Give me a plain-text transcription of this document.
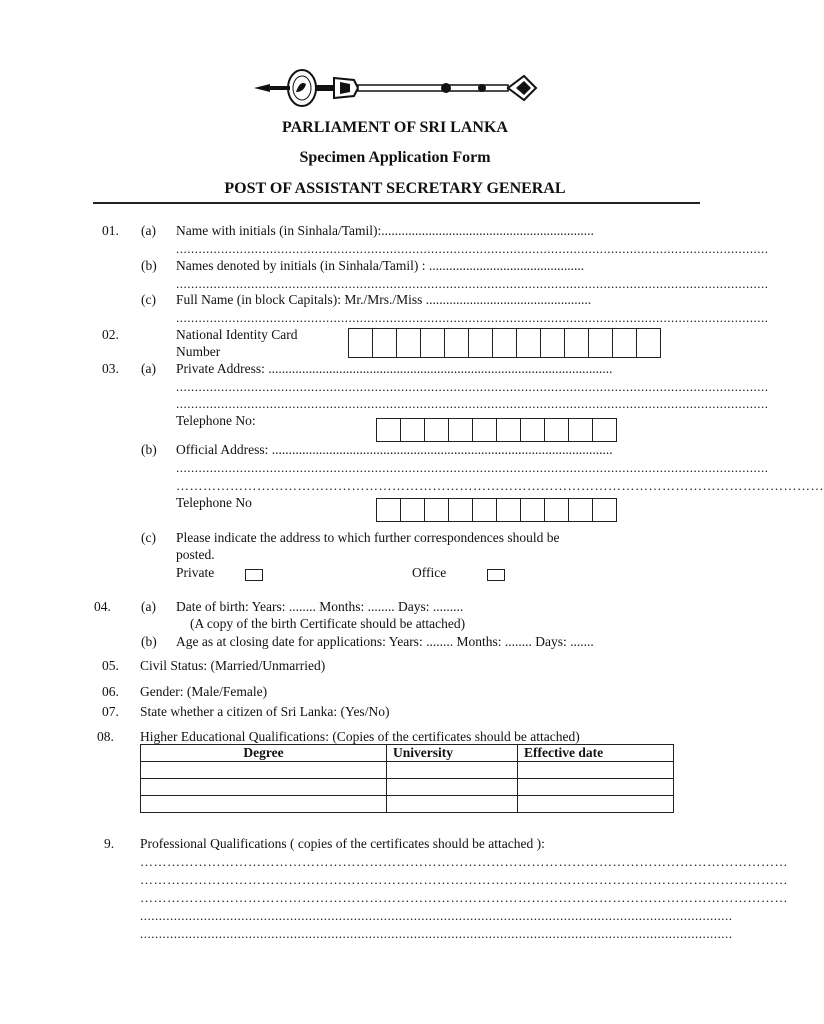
PARLIAMENT OF SRI LANKA
Specimen Application Form
POST OF ASSISTANT SECRETARY GENERAL
01. (a) Name with initials (in Sinhala/Tamil):...............................................................
..............................................................................................................................................................
(b) Names denoted by initials (in Sinhala/Tamil) : ..............................................
..............................................................................................................................................................
(c) Full Name (in block Capitals): Mr./Mrs./Miss .................................................
..............................................................................................................................................................
02.	National Identity Card
Number
03. (a) Private Address: ......................................................................................................
..............................................................................................................................................................
..............................................................................................................................................................
Telephone No:
(b) Official Address: .....................................................................................................
..............................................................................................................................................................
………………………………………………………………………………………………………………………………
Telephone No
(c) Please indicate the address to which further correspondences should be
posted.
Private	Office
04. (a) Date of birth: Years: ........ Months: ........ Days: .........
(A copy of the birth Certificate should be attached)
(b) Age as at closing date for applications: Years: ........ Months: ........ Days: .......
05. Civil Status: (Married/Unmarried)
06. Gender: (Male/Female)
07. State whether a citizen of Sri Lanka: (Yes/No)
08. Higher Educational Qualifications: (Copies of the certificates should be attached)
Degree	University	Effective date

9. Professional Qualifications ( copies of the certificates should be attached ):
………………………………………………………………………………………………………………………………
………………………………………………………………………………………………………………………………
………………………………………………………………………………………………………………………………
..............................................................................................................................................................
..............................................................................................................................................................
